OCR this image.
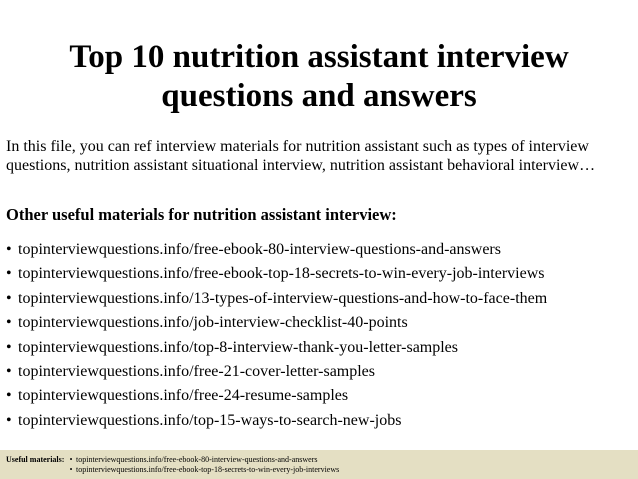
Top 10 nutrition assistant interview questions and answers

In this file, you can ref interview materials for nutrition assistant such as types of interview questions, nutrition assistant situational interview, nutrition assistant behavioral interview…

Other useful materials for nutrition assistant interview:

• topinterviewquestions.info/free-ebook-80-interview-questions-and-answers
• topinterviewquestions.info/free-ebook-top-18-secrets-to-win-every-job-interviews
• topinterviewquestions.info/13-types-of-interview-questions-and-how-to-face-them
• topinterviewquestions.info/job-interview-checklist-40-points
• topinterviewquestions.info/top-8-interview-thank-you-letter-samples
• topinterviewquestions.info/free-21-cover-letter-samples
• topinterviewquestions.info/free-24-resume-samples
• topinterviewquestions.info/top-15-ways-to-search-new-jobs
Useful materials: • topinterviewquestions.info/free-ebook-80-interview-questions-and-answers
• topinterviewquestions.info/free-ebook-top-18-secrets-to-win-every-job-interviews
